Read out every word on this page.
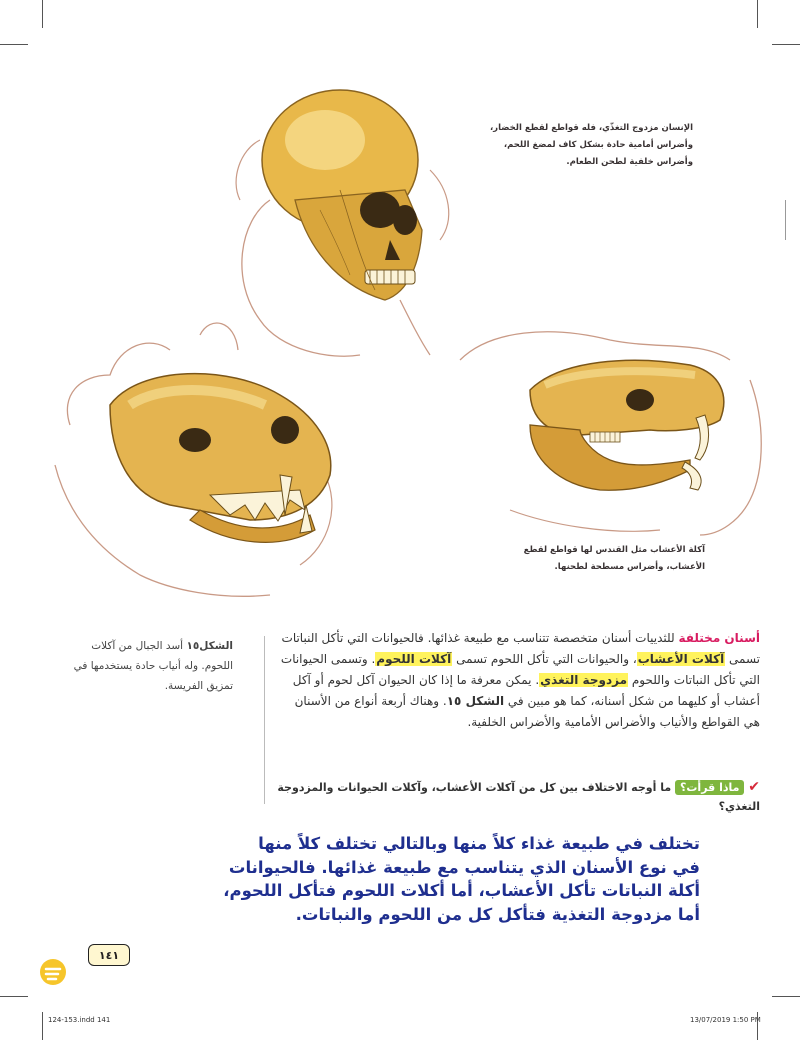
الإنسان مزدوج التغذّي، فله قواطع لقطع الخضار، وأضراس أمامية حادة بشكل كاف لمضغ اللحم، وأضراس خلفية لطحن الطعام.
آكلة الأعشاب مثل القندس لها قواطع لقطع الأعشاب، وأضراس مسطحة لطحنها.
الشكل١٥ أسد الجبال من آكلات اللحوم. وله أنياب حادة يستخدمها في تمزيق الفريسة.
أسنان مختلفة للثدييات أسنان متخصصة تتناسب مع طبيعة غذائها. فالحيوانات التي تأكل النباتات تسمى آكلات الأعشاب، والحيوانات التي تأكل اللحوم تسمى آكلات اللحوم. وتسمى الحيوانات التي تأكل النباتات واللحوم مزدوجة التغذي. يمكن معرفة ما إذا كان الحيوان آكل لحوم أو آكل أعشاب أو كليهما من شكل أسنانه، كما هو مبين في الشكل ١٥. وهناك أربعة أنواع من الأسنان هي القواطع والأنياب والأضراس الأمامية والأضراس الخلفية.
✔ ماذا قرأت؟ ما أوجه الاختلاف بين كل من آكلات الأعشاب، وآكلات الحيوانات والمزدوجة التغذي؟
تختلف في طبيعة غذاء كلاً منها وبالتالي تختلف كلاً منها
في نوع الأسنان الذي يتناسب مع طبيعة غذائها. فالحيوانات
أكلة النباتات تأكل الأعشاب، أما أكلات اللحوم فتأكل اللحوم،
أما مزدوجة التغذية فتأكل كل من اللحوم والنباتات.
١٤١
124-153.indd 141	13/07/2019 1:50 PM
